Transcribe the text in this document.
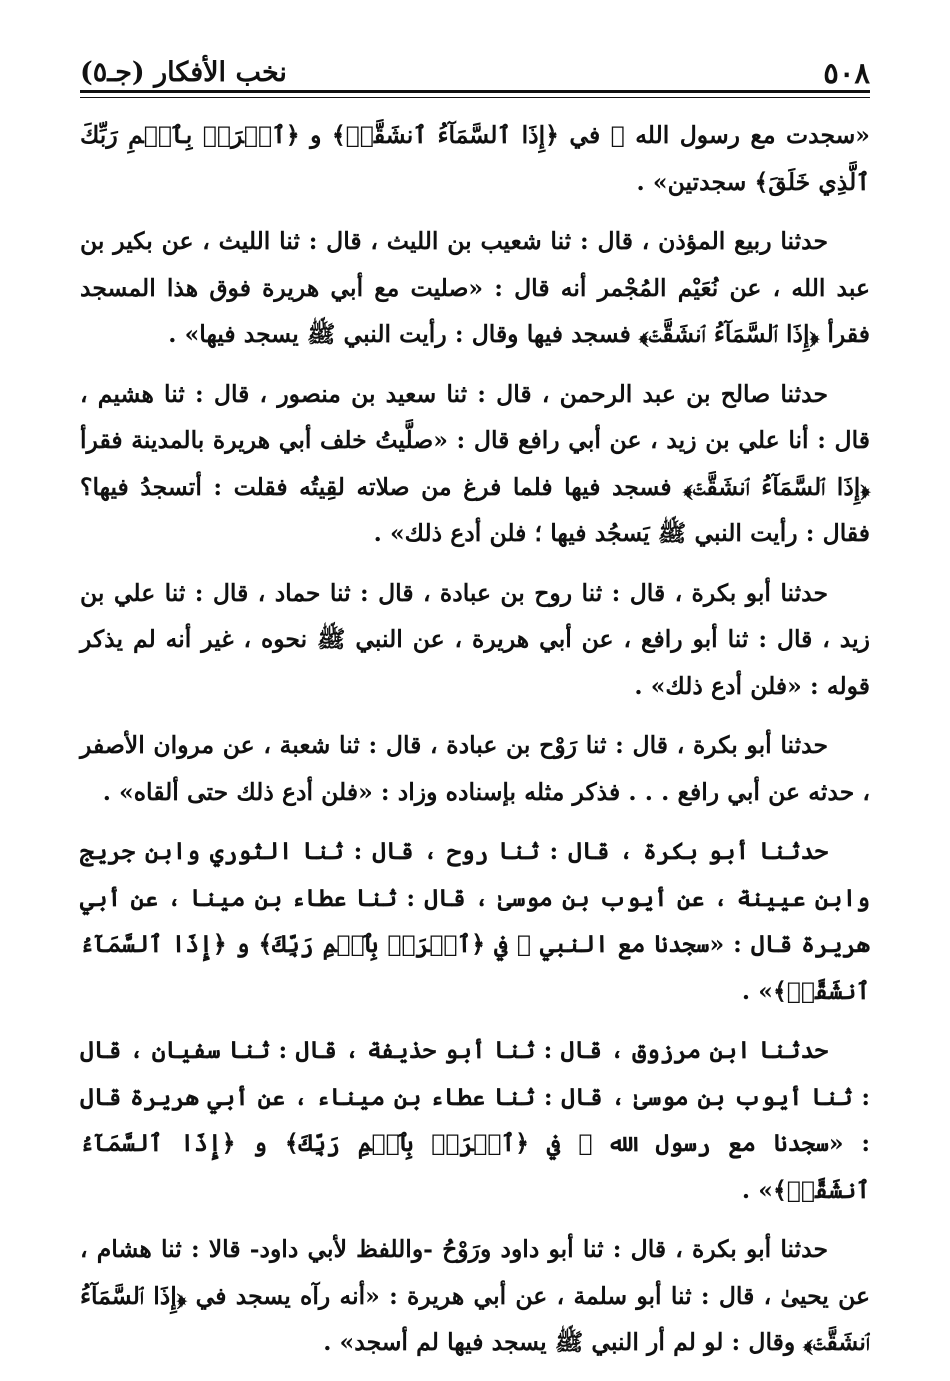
٥٠٨
نخب الأفكار (جـ٥)

«سجدت مع رسول الله ﷺ في ﴿إِذَا ٱلسَّمَآءُ ٱنشَقَّتۡ﴾ و ﴿ٱقۡرَأۡ بِٱسۡمِ رَبِّكَ ٱلَّذِي خَلَقَ﴾ سجدتين» .

حدثنا ربيع المؤذن ، قال : ثنا شعيب بن الليث ، قال : ثنا الليث ، عن بكير بن عبد الله ، عن نُعَيْم المُجْمر أنه قال : «صليت مع أبي هريرة فوق هذا المسجد فقرأ ﴿إِذَا ٱلسَّمَآءُ ٱنشَقَّتۡ﴾ فسجد فيها وقال : رأيت النبي ﷺ يسجد فيها» .

حدثنا صالح بن عبد الرحمن ، قال : ثنا سعيد بن منصور ، قال : ثنا هشيم ، قال : أنا علي بن زيد ، عن أبي رافع قال : «صلَّيتُ خلف أبي هريرة بالمدينة فقرأ ﴿إِذَا ٱلسَّمَآءُ ٱنشَقَّتۡ﴾ فسجد فيها فلما فرغ من صلاته لقِيتُه فقلت : أتسجدُ فيها؟ فقال : رأيت النبي ﷺ يَسجُد فيها ؛ فلن أدع ذلك» .

حدثنا أبو بكرة ، قال : ثنا روح بن عبادة ، قال : ثنا حماد ، قال : ثنا علي بن زيد ، قال : ثنا أبو رافع ، عن أبي هريرة ، عن النبي ﷺ نحوه ، غير أنه لم يذكر قوله : «فلن أدع ذلك» .

حدثنا أبو بكرة ، قال : ثنا رَوْح بن عبادة ، قال : ثنا شعبة ، عن مروان الأصفر ، حدثه عن أبي رافع . . . فذكر مثله بإسناده وزاد : «فلن أدع ذلك حتى ألقاه» .

حدثنا أبو بكرة ، قال : ثنا روح ، قال : ثنا الثوري وابن جريج وابن عيينة ، عن أيوب بن موسىٰ ، قال : ثنا عطاء بن مينا ، عن أبي هريرة قال : «سجدنا مع النبي ﷺ في ﴿ٱقۡرَأۡ بِٱسۡمِ رَبِّكَ﴾ و ﴿إِذَا ٱلسَّمَآءُ ٱنشَقَّتۡ﴾» .

حدثنا ابن مرزوق ، قال : ثنا أبو حذيفة ، قال : ثنا سفيان ، قال : ثنا أيوب بن موسىٰ ، قال : ثنا عطاء بن ميناء ، عن أبي هريرة قال : «سجدنا مع رسول الله ﷺ في ﴿ٱقۡرَأۡ بِٱسۡمِ رَبِّكَ﴾ و ﴿إِذَا ٱلسَّمَآءُ ٱنشَقَّتۡ﴾» .

حدثنا أبو بكرة ، قال : ثنا أبو داود ورَوْحُ -واللفظ لأبي داود- قالا : ثنا هشام ، عن يحيىٰ ، قال : ثنا أبو سلمة ، عن أبي هريرة : «أنه رآه يسجد في ﴿إِذَا ٱلسَّمَآءُ ٱنشَقَّتۡ﴾ وقال : لو لم أر النبي ﷺ يسجد فيها لم أسجد» .
